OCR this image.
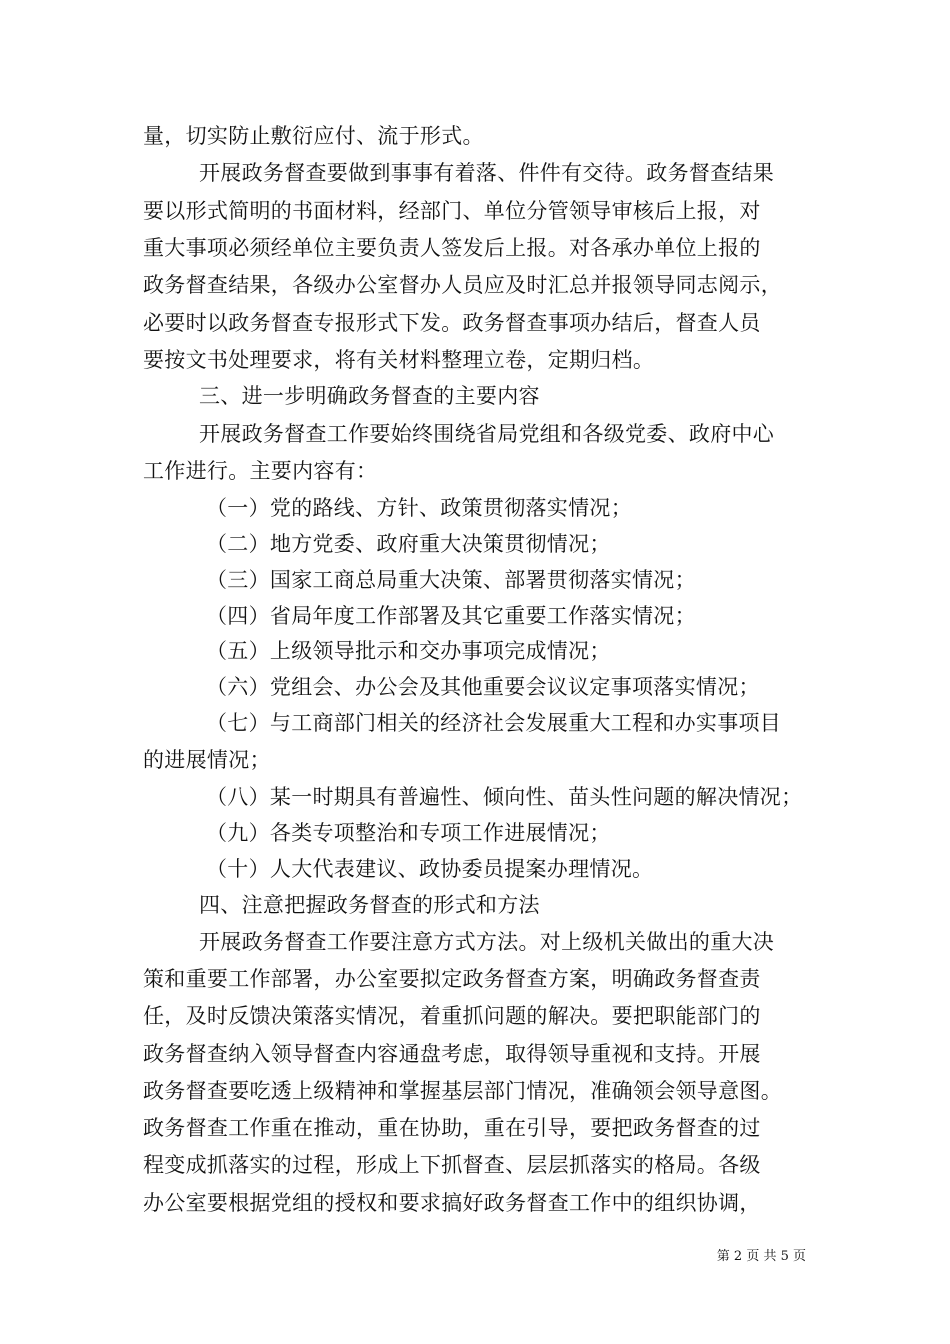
量，切实防止敷衍应付、流于形式。
开展政务督查要做到事事有着落、件件有交待。政务督查结果
要以形式简明的书面材料，经部门、单位分管领导审核后上报，对
重大事项必须经单位主要负责人签发后上报。对各承办单位上报的
政务督查结果，各级办公室督办人员应及时汇总并报领导同志阅示，
必要时以政务督查专报形式下发。政务督查事项办结后，督查人员
要按文书处理要求，将有关材料整理立卷，定期归档。
三、进一步明确政务督查的主要内容
开展政务督查工作要始终围绕省局党组和各级党委、政府中心
工作进行。主要内容有：
（一）党的路线、方针、政策贯彻落实情况；
（二）地方党委、政府重大决策贯彻情况；
（三）国家工商总局重大决策、部署贯彻落实情况；
（四）省局年度工作部署及其它重要工作落实情况；
（五）上级领导批示和交办事项完成情况；
（六）党组会、办公会及其他重要会议议定事项落实情况；
（七）与工商部门相关的经济社会发展重大工程和办实事项目
的进展情况；
（八）某一时期具有普遍性、倾向性、苗头性问题的解决情况；
（九）各类专项整治和专项工作进展情况；
（十）人大代表建议、政协委员提案办理情况。
四、注意把握政务督查的形式和方法
开展政务督查工作要注意方式方法。对上级机关做出的重大决
策和重要工作部署，办公室要拟定政务督查方案，明确政务督查责
任，及时反馈决策落实情况，着重抓问题的解决。要把职能部门的
政务督查纳入领导督查内容通盘考虑，取得领导重视和支持。开展
政务督查要吃透上级精神和掌握基层部门情况，准确领会领导意图。
政务督查工作重在推动，重在协助，重在引导，要把政务督查的过
程变成抓落实的过程，形成上下抓督查、层层抓落实的格局。各级
办公室要根据党组的授权和要求搞好政务督查工作中的组织协调，
第 2 页 共 5 页
